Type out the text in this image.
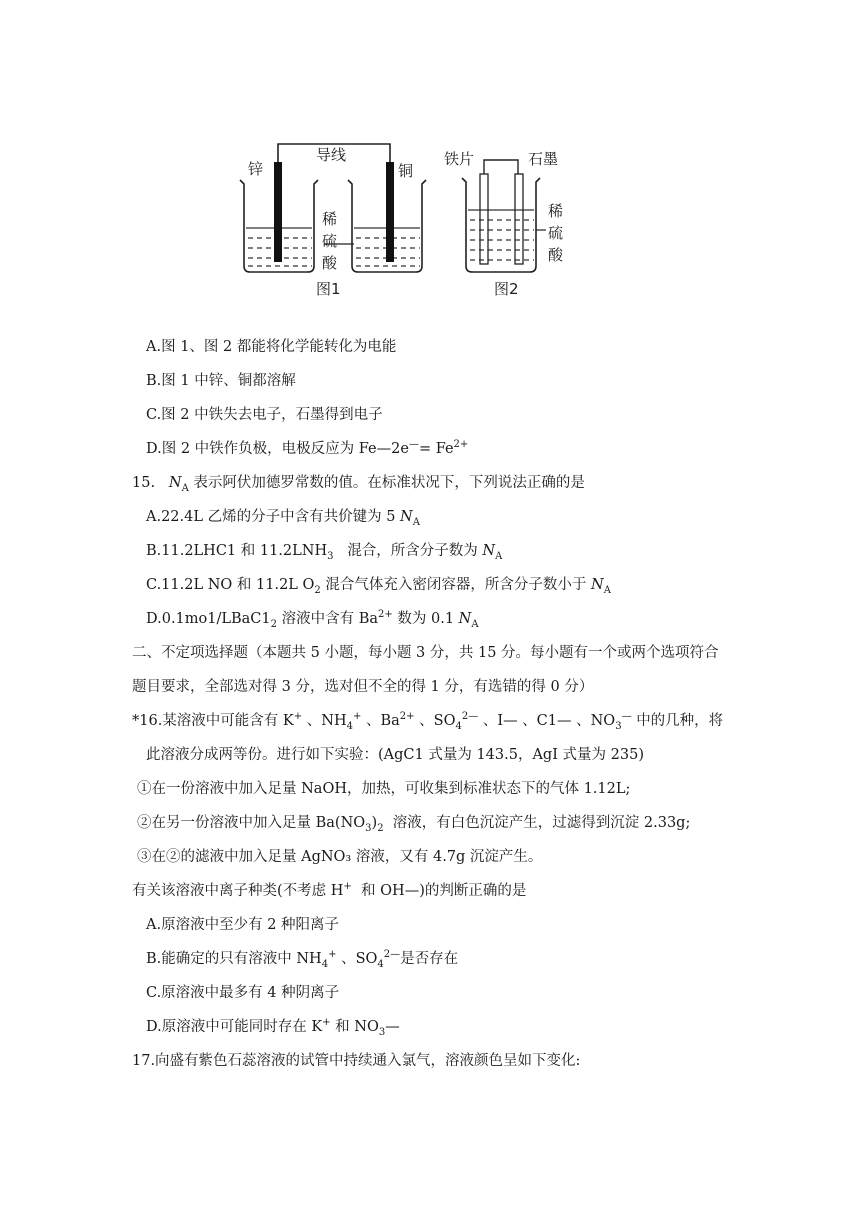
导线
锌	铜
稀
硫
酸
图1
铁片	石墨
稀
硫
酸
图2
A.图 1、图 2 都能将化学能转化为电能
B.图 1 中锌、铜都溶解
C.图 2 中铁失去电子，石墨得到电子
D.图 2 中铁作负极，电极反应为 Fe—2e—= $Fe^{2+}$
15. $N_A$ 表示阿伏加德罗常数的值。在标准状况下，下列说法正确的是
A.22.4L 乙烯的分子中含有共价键为 5 $N_A$
B.11.2LHC1 和 $11.2LNH_3$ 混合，所含分子数为 $N_A$
C.11.2L NO 和 11.2L $O_2$ 混合气体充入密闭容器，所含分子数小于 $N_A$
$D.0.1mo1/LBaC1_2$ 溶液中含有 $Ba^{2+}$ 数为 0.1 $N_A$
二、不定项选择题（本题共 5 小题，每小题 3 分，共 15 分。每小题有一个或两个选项符合
题目要求，全部选对得 3 分，选对但不全的得 1 分，有选错的得 0 分）
*16.某溶液中可能含有 K+ 、$NH_4^+$ 、$Ba^{2+}$ 、$SO_4^{2—}$ 、I— 、C1— 、$NO_3^—$ 中的几种，将
此溶液分成两等份。进行如下实验：(AgC1 式量为 143.5，AgI 式量为 235)
①在一份溶液中加入足量 NaOH，加热，可收集到标准状态下的气体 1.12L;
②在另一份溶液中加入足量 $Ba(NO_3)_2$ 溶液，有白色沉淀产生，过滤得到沉淀 2.33g;
③在②的滤液中加入足量 AgNO₃ 溶液，又有 4.7g 沉淀产生。
有关该溶液中离子种类(不考虑 H+ 和 OH—)的判断正确的是
A.原溶液中至少有 2 种阳离子
B.能确定的只有溶液中 $NH_4^+$ 、$SO_4^{2—}$是否存在
C.原溶液中最多有 4 种阴离子
D.原溶液中可能同时存在 K+ 和 $NO_3—$
17.向盛有紫色石蕊溶液的试管中持续通入氯气，溶液颜色呈如下变化:
